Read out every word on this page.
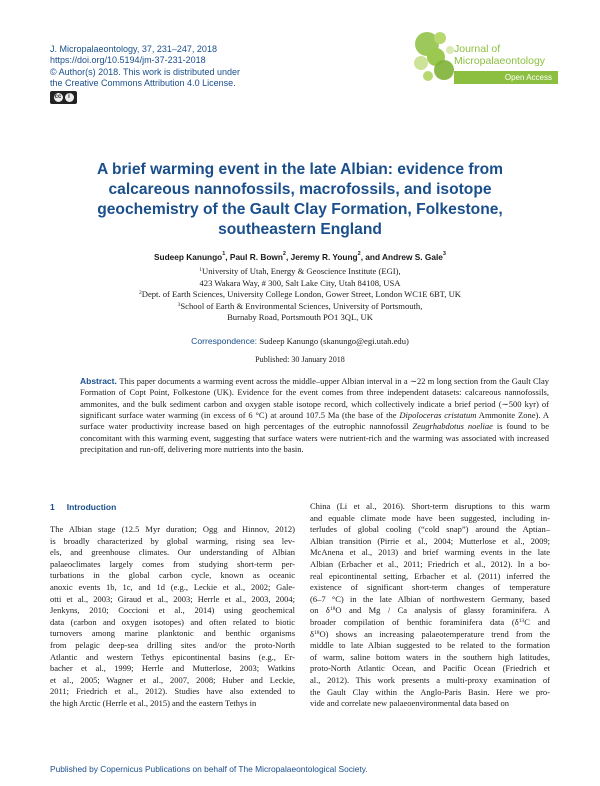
J. Micropalaeontology, 37, 231–247, 2018
https://doi.org/10.5194/jm-37-231-2018
© Author(s) 2018. This work is distributed under
the Creative Commons Attribution 4.0 License.
cc	i
Journal of
Micropalaeontology
Open Access
A brief warming event in the late Albian: evidence from
calcareous nannofossils, macrofossils, and isotope
geochemistry of the Gault Clay Formation, Folkestone,
southeastern England
Sudeep Kanungo$^1$, Paul R. Bown$^2$, Jeremy R. Young$^2$, and Andrew S. Gale$^3$
$^1$University of Utah, Energy & Geoscience Institute (EGI),
423 Wakara Way, # 300, Salt Lake City, Utah 84108, USA
$^2$Dept. of Earth Sciences, University College London, Gower Street, London WC1E 6BT, UK
$^3$School of Earth & Environmental Sciences, University of Portsmouth,
Burnaby Road, Portsmouth PO1 3QL, UK
Correspondence: Sudeep Kanungo (skanungo@egi.utah.edu)
Published: 30 January 2018
Abstract. This paper documents a warming event across the middle–upper Albian interval in a ∼22 m long section from the Gault Clay Formation of Copt Point, Folkestone (UK). Evidence for the event comes from three independent datasets: calcareous nannofossils, ammonites, and the bulk sediment carbon and oxygen stable isotope record, which collectively indicate a brief period (∼500 kyr) of significant surface water warming (in excess of 6 °C) at around 107.5 Ma (the base of the Dipoloceras cristatum Ammonite Zone). A surface water productivity increase based on high percentages of the eutrophic nannofossil Zeugrhabdotus noeliae is found to be concomitant with this warming event, suggesting that surface waters were nutrient-rich and the warming was associated with increased precipitation and run-off, delivering more nutrients into the basin.
1 Introduction
The Albian stage (12.5 Myr duration; Ogg and Hinnov, 2012)
is broadly characterized by global warming, rising sea lev-
els, and greenhouse climates. Our understanding of Albian
palaeoclimates largely comes from studying short-term per-
turbations in the global carbon cycle, known as oceanic
anoxic events 1b, 1c, and 1d (e.g., Leckie et al., 2002; Gale-
otti et al., 2003; Giraud et al., 2003; Herrle et al., 2003, 2004;
Jenkyns, 2010; Coccioni et al., 2014) using geochemical
data (carbon and oxygen isotopes) and often related to biotic
turnovers among marine planktonic and benthic organisms
from pelagic deep-sea drilling sites and/or the proto-North
Atlantic and western Tethys epicontinental basins (e.g., Er-
bacher et al., 1999; Herrle and Mutterlose, 2003; Watkins
et al., 2005; Wagner et al., 2007, 2008; Huber and Leckie,
2011; Friedrich et al., 2012). Studies have also extended to
the high Arctic (Herrle et al., 2015) and the eastern Tethys in
China (Li et al., 2016). Short-term disruptions to this warm
and equable climate mode have been suggested, including in-
terludes of global cooling (“cold snap”) around the Aptian–
Albian transition (Pirrie et al., 2004; Mutterlose et al., 2009;
McAnena et al., 2013) and brief warming events in the late
Albian (Erbacher et al., 2011; Friedrich et al., 2012). In a bo-
real epicontinental setting, Erbacher et al. (2011) inferred the
existence of significant short-term changes of temperature
(6–7 °C) in the late Albian of northwestern Germany, based
on $\delta^{18}O$ and Mg / Ca analysis of glassy foraminifera. A
broader compilation of benthic foraminifera data ($\delta^{13}C$ and
$\delta^{18}O$) shows an increasing palaeotemperature trend from the
middle to late Albian suggested to be related to the formation
of warm, saline bottom waters in the southern high latitudes,
proto-North Atlantic Ocean, and Pacific Ocean (Friedrich et
al., 2012). This work presents a multi-proxy examination of
the Gault Clay within the Anglo-Paris Basin. Here we pro-
vide and correlate new palaeoenvironmental data based on
Published by Copernicus Publications on behalf of The Micropalaeontological Society.
